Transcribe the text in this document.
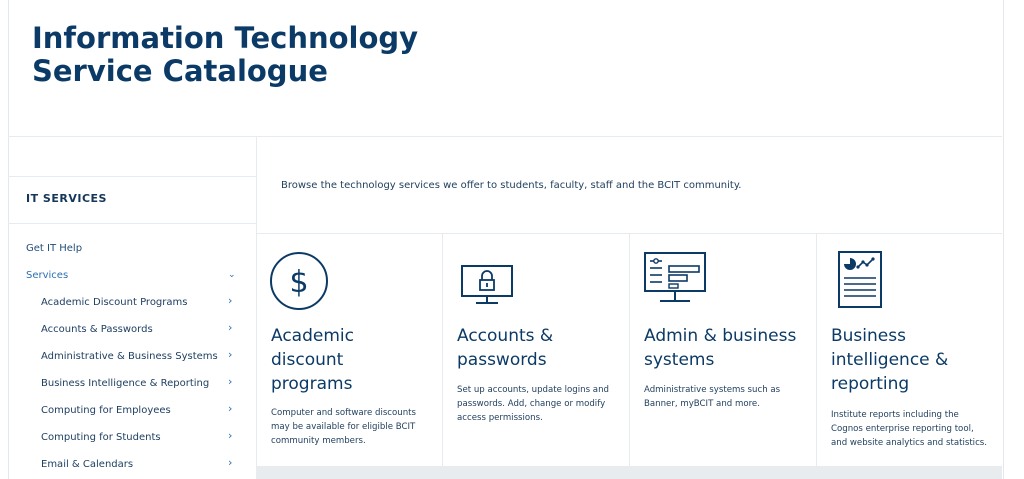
Information Technology
Service Catalogue
IT SERVICES
Get IT Help
Services	⌄
Academic Discount Programs	›
Accounts & Passwords	›
Administrative & Business Systems ›
Business Intelligence & Reporting ›
Computing for Employees	›
Computing for Students	›
Email & Calendars	›
Browse the technology services we offer to students, faculty, staff and the BCIT community.
$
Academic
discount
programs
Computer and software discounts
may be available for eligible BCIT
community members.
Accounts &
passwords
Set up accounts, update logins and
passwords. Add, change or modify
access permissions.
Admin & business
systems
Administrative systems such as
Banner, myBCIT and more.
Business
intelligence &
reporting
Institute reports including the
Cognos enterprise reporting tool,
and website analytics and statistics.
